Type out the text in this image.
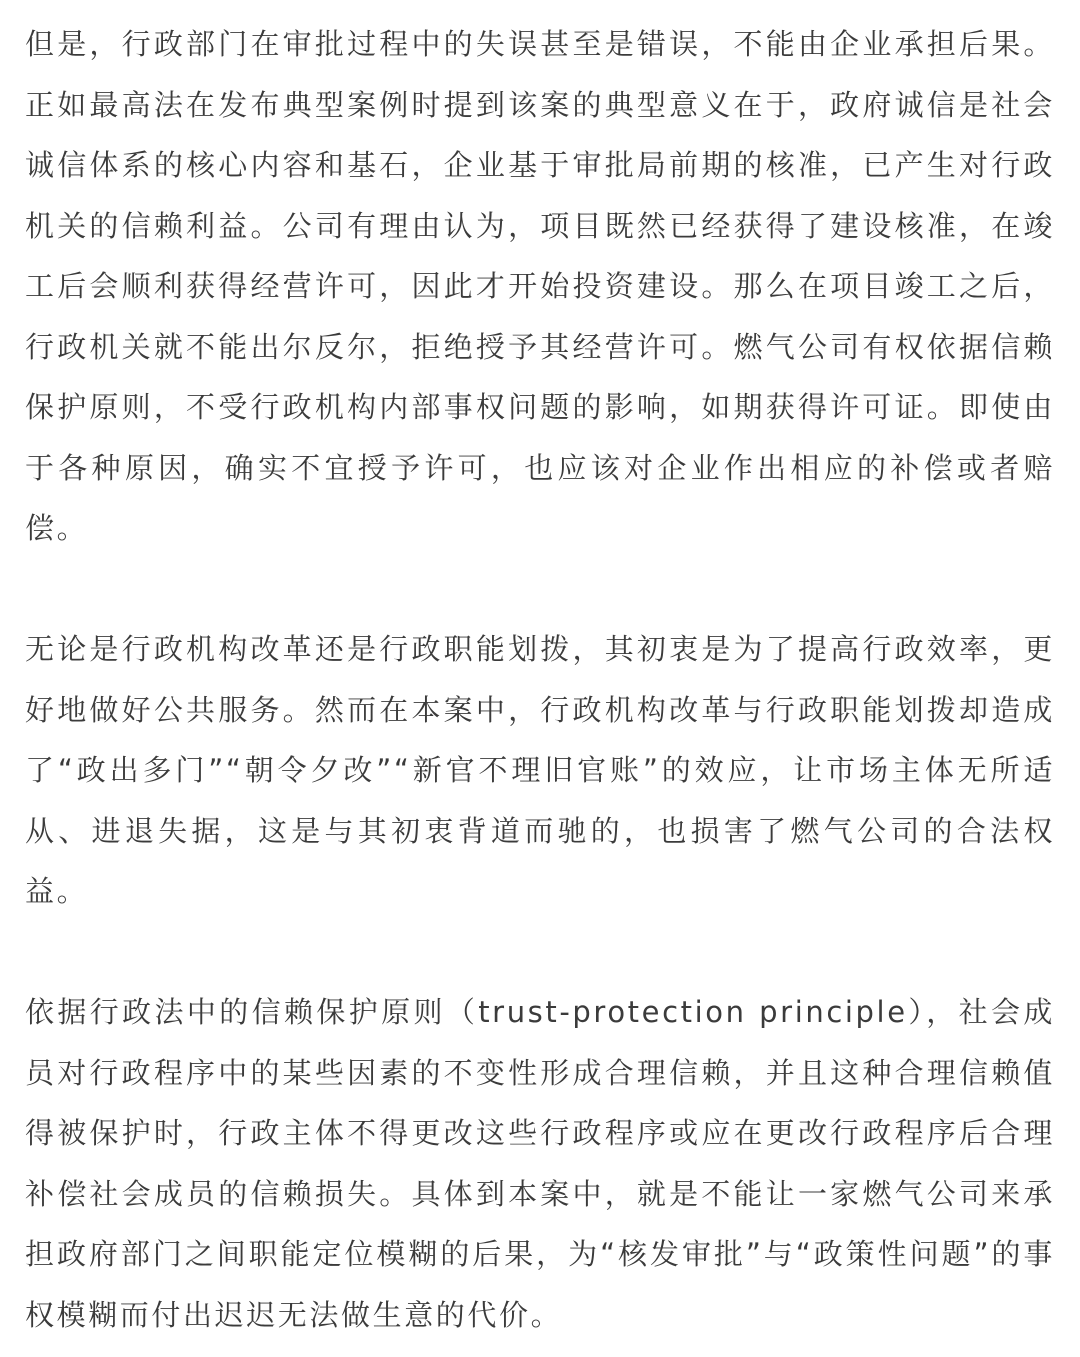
但是，行政部门在审批过程中的失误甚至是错误，不能由企业承担后果。正如最高法在发布典型案例时提到该案的典型意义在于，政府诚信是社会诚信体系的核心内容和基石，企业基于审批局前期的核准，已产生对行政机关的信赖利益。公司有理由认为，项目既然已经获得了建设核准，在竣工后会顺利获得经营许可，因此才开始投资建设。那么在项目竣工之后，行政机关就不能出尔反尔，拒绝授予其经营许可。燃气公司有权依据信赖保护原则，不受行政机构内部事权问题的影响，如期获得许可证。即使由于各种原因，确实不宜授予许可，也应该对企业作出相应的补偿或者赔偿。

无论是行政机构改革还是行政职能划拨，其初衷是为了提高行政效率，更好地做好公共服务。然而在本案中，行政机构改革与行政职能划拨却造成了“政出多门”“朝令夕改”“新官不理旧官账”的效应，让市场主体无所适从、进退失据，这是与其初衷背道而驰的，也损害了燃气公司的合法权益。

依据行政法中的信赖保护原则（trust-protection principle），社会成员对行政程序中的某些因素的不变性形成合理信赖，并且这种合理信赖值得被保护时，行政主体不得更改这些行政程序或应在更改行政程序后合理补偿社会成员的信赖损失。具体到本案中，就是不能让一家燃气公司来承担政府部门之间职能定位模糊的后果，为“核发审批”与“政策性问题”的事权模糊而付出迟迟无法做生意的代价。
